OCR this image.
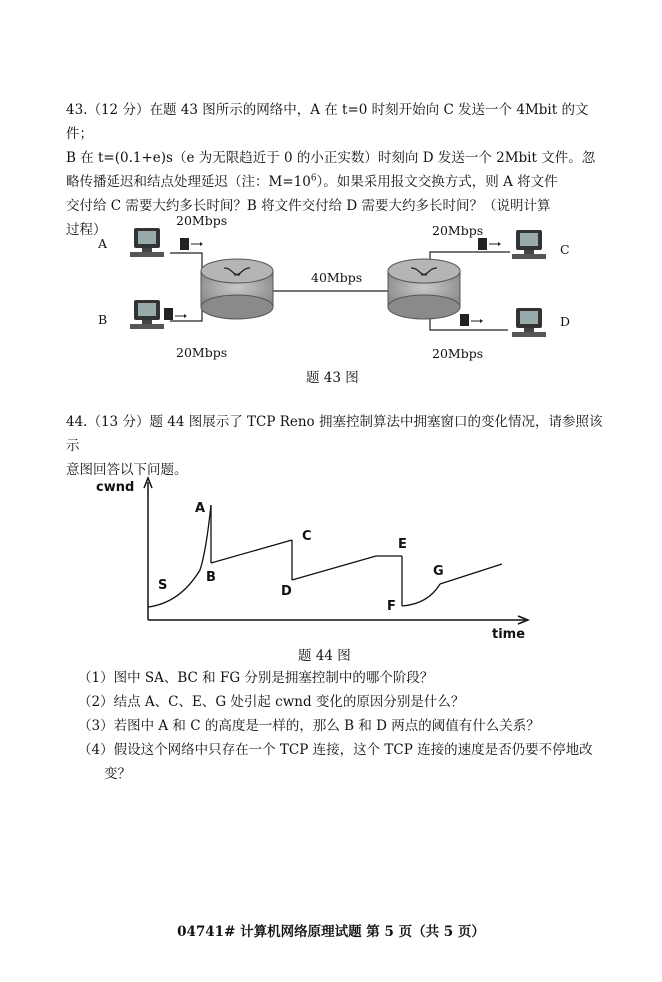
43.（12 分）在题 43 图所示的网络中，A 在 t=0 时刻开始向 C 发送一个 4Mbit 的文件；

B 在 t=(0.1+e)s（e 为无限趋近于 0 的小正实数）时刻向 D 发送一个 2Mbit 文件。忽

略传播延迟和结点处理延迟（注：$M=10^6$）。如果采用报文交换方式，则 A 将文件

交付给 C 需要大约多长时间？B 将文件交付给 D 需要大约多长时间？（说明计算

过程）

A
B
C
D
20Mbps
20Mbps
20Mbps
20Mbps
40Mbps
题 43 图

44.（13 分）题 44 图展示了 TCP Reno 拥塞控制算法中拥塞窗口的变化情况，请参照该示

意图回答以下问题。

cwnd
time
S
A
B
C
D
E
F
G
题 44 图

（1）图中 SA、BC 和 FG 分别是拥塞控制中的哪个阶段？

（2）结点 A、C、E、G 处引起 cwnd 变化的原因分别是什么？

（3）若图中 A 和 C 的高度是一样的，那么 B 和 D 两点的阈值有什么关系？

（4）假设这个网络中只存在一个 TCP 连接，这个 TCP 连接的速度是否仍要不停地改

变？

04741# 计算机网络原理试题 第 5 页（共 5 页）
